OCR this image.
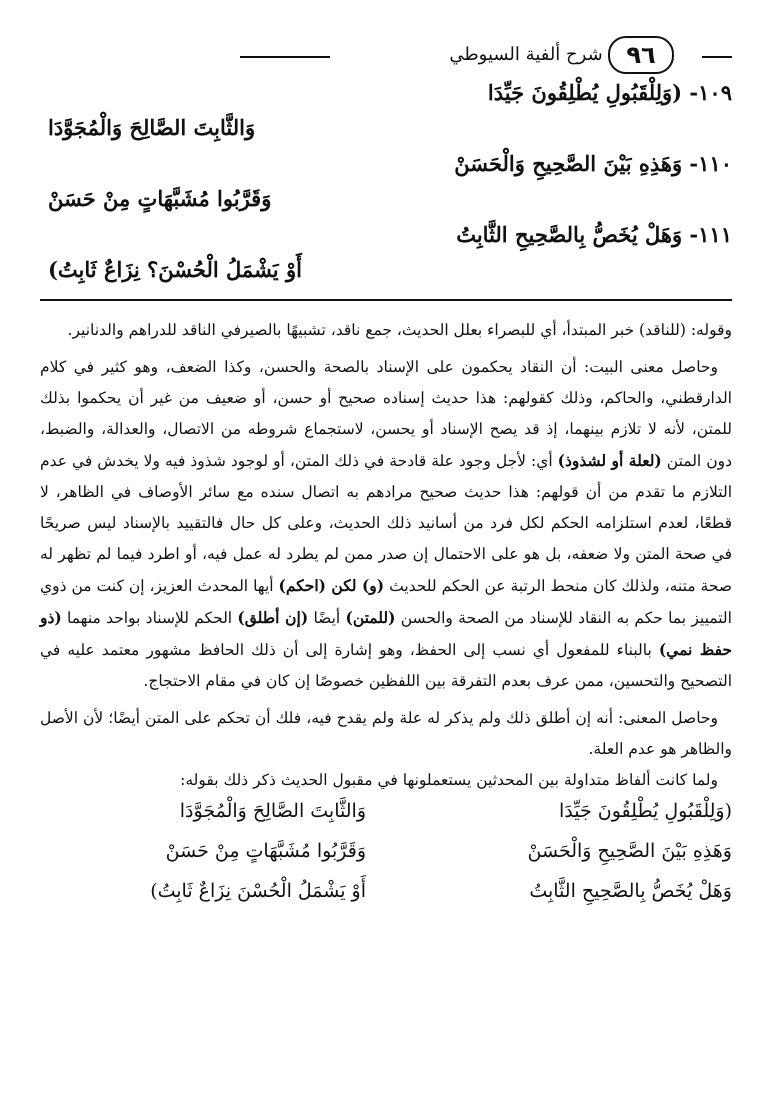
٩٦
شرح ألفية السيوطي
١٠٩- (وَلِلْقَبُولِ يُطْلِقُونَ جَيِّدَا
وَالثَّابِتَ الصَّالِحَ وَالْمُجَوَّدَا
١١٠- وَهَذِهِ بَيْنَ الصَّحِيحِ وَالْحَسَنْ
وَقَرَّبُوا مُشَبَّهَاتٍ مِنْ حَسَنْ
١١١- وَهَلْ يُخَصُّ بِالصَّحِيحِ الثَّابِتُ
أَوْ يَشْمَلُ الْحُسْنَ؟ نِزَاعٌ ثَابِتُ)

وقوله: (للناقد) خبر المبتدأ، أي للبصراء بعلل الحديث، جمع ناقد، تشبيهًا بالصيرفي الناقد للدراهم والدنانير.

وحاصل معنى البيت: أن النقاد يحكمون على الإسناد بالصحة والحسن، وكذا الضعف، وهو كثير في كلام الدارقطني، والحاكم، وذلك كقولهم: هذا حديث إسناده صحيح أو حسن، أو ضعيف من غير أن يحكموا بذلك للمتن، لأنه لا تلازم بينهما، إذ قد يصح الإسناد أو يحسن، لاستجماع شروطه من الاتصال، والعدالة، والضبط، دون المتن (لعلة أو لشذوذ) أي: لأجل وجود علة قادحة في ذلك المتن، أو لوجود شذوذ فيه ولا يخدش في عدم التلازم ما تقدم من أن قولهم: هذا حديث صحيح مرادهم به اتصال سنده مع سائر الأوصاف في الظاهر، لا قطعًا، لعدم استلزامه الحكم لكل فرد من أسانيد ذلك الحديث، وعلى كل حال فالتقييد بالإسناد ليس صريحًا في صحة المتن ولا ضعفه، بل هو على الاحتمال إن صدر ممن لم يطرد له عمل فيه، أو اطرد فيما لم تظهر له صحة متنه، ولذلك كان منحط الرتبة عن الحكم للحديث (و) لكن (احكم) أيها المحدث العزيز، إن كنت من ذوي التمييز بما حكم به النقاد للإسناد من الصحة والحسن (للمتن) أيضًا (إن أطلق) الحكم للإسناد بواحد منهما (ذو حفظ نمي) بالبناء للمفعول أي نسب إلى الحفظ، وهو إشارة إلى أن ذلك الحافظ مشهور معتمد عليه في التصحيح والتحسين، ممن عرف بعدم التفرقة بين اللفظين خصوصًا إن كان في مقام الاحتجاج.

وحاصل المعنى: أنه إن أطلق ذلك ولم يذكر له علة ولم يقدح فيه، فلك أن تحكم على المتن أيضًا؛ لأن الأصل والظاهر هو عدم العلة.

ولما كانت ألفاظ متداولة بين المحدثين يستعملونها في مقبول الحديث ذكر ذلك بقوله:

(وَلِلْقَبُولِ يُطْلِقُونَ جَيِّدَا
وَالثَّابِتَ الصَّالِحَ وَالْمُجَوَّدَا
وَهَذِهِ بَيْنَ الصَّحِيحِ وَالْحَسَنْ
وَقَرَّبُوا مُشَبَّهَاتٍ مِنْ حَسَنْ
وَهَلْ يُخَصُّ بِالصَّحِيحِ الثَّابِتُ
أَوْ يَشْمَلُ الْحُسْنَ نِزَاعٌ ثَابِتُ)
